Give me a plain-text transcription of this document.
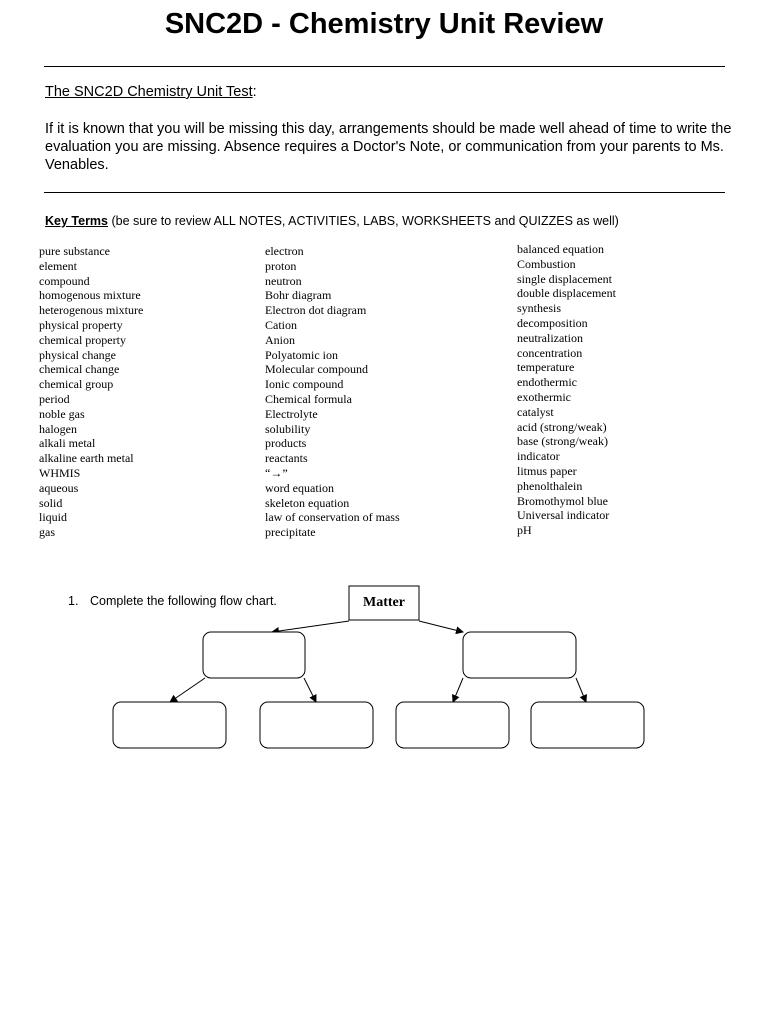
SNC2D - Chemistry Unit Review
The SNC2D Chemistry Unit Test:
If it is known that you will be missing this day, arrangements should be made well ahead of time to write the evaluation you are missing. Absence requires a Doctor's Note, or communication from your parents to Ms. Venables.
Key Terms (be sure to review ALL NOTES, ACTIVITIES, LABS, WORKSHEETS and QUIZZES as well)
pure substance
element
compound
homogenous mixture
heterogenous mixture
physical property
chemical property
physical change
chemical change
chemical group
period
noble gas
halogen
alkali metal
alkaline earth metal
WHMIS
aqueous
solid
liquid
gas
electron
proton
neutron
Bohr diagram
Electron dot diagram
Cation
Anion
Polyatomic ion
Molecular compound
Ionic compound
Chemical formula
Electrolyte
solubility
products
reactants
“→”
word equation
skeleton equation
law of conservation of mass
precipitate
balanced equation
Combustion
single displacement
double displacement
synthesis
decomposition
neutralization
concentration
temperature
endothermic
exothermic
catalyst
acid (strong/weak)
base (strong/weak)
indicator
litmus paper
phenolthalein
Bromothymol blue
Universal indicator
pH
1. Complete the following flow chart.	Matter
